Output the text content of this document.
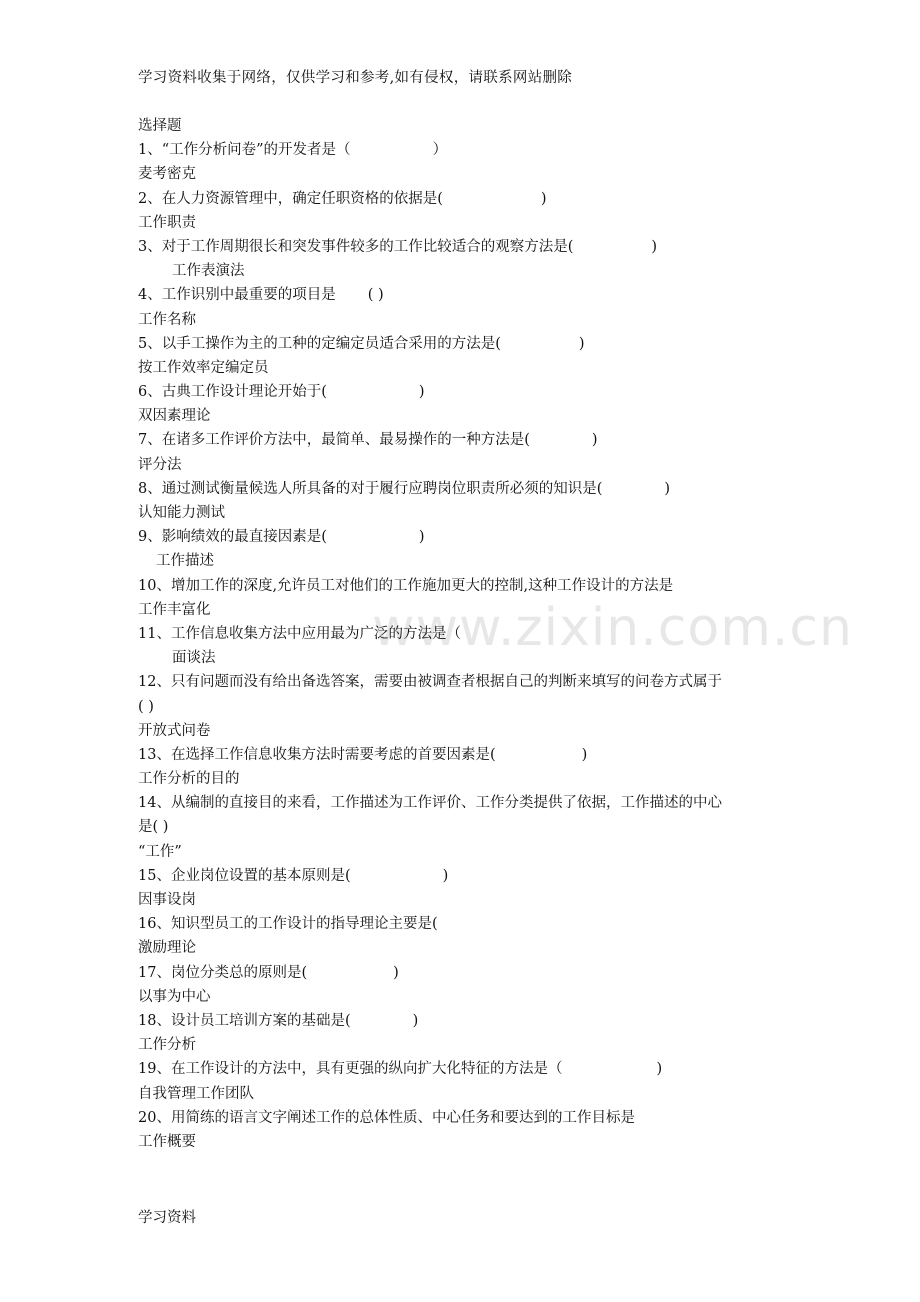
学习资料收集于网络，仅供学习和参考,如有侵权，请联系网站删除
www.zixin.com.cn
选择题
1、“工作分析问卷”的开发者是（	）
麦考密克
2、在人力资源管理中，确定任职资格的依据是(	)
工作职责
3、对于工作周期很长和突发事件较多的工作比较适合的观察方法是(	)
工作表演法
4、工作识别中最重要的项目是 ( )
工作名称
5、以手工操作为主的工种的定编定员适合采用的方法是(	)
按工作效率定编定员
6、古典工作设计理论开始于(	)
双因素理论
7、在诸多工作评价方法中，最简单、最易操作的一种方法是(	)
评分法
8、通过测试衡量候选人所具备的对于履行应聘岗位职责所必须的知识是(	)
认知能力测试
9、影响绩效的最直接因素是(	)
工作描述
10、增加工作的深度,允许员工对他们的工作施加更大的控制,这种工作设计的方法是
工作丰富化
11、工作信息收集方法中应用最为广泛的方法是（
面谈法
12、只有问题而没有给出备选答案，需要由被调查者根据自己的判断来填写的问卷方式属于
( )
开放式问卷
13、在选择工作信息收集方法时需要考虑的首要因素是(	)
工作分析的目的
14、从编制的直接目的来看，工作描述为工作评价、工作分类提供了依据，工作描述的中心
是( )
“工作”
15、企业岗位设置的基本原则是(	)
因事设岗
16、知识型员工的工作设计的指导理论主要是(
激励理论
17、岗位分类总的原则是(	)
以事为中心
18、设计员工培训方案的基础是(	)
工作分析
19、在工作设计的方法中，具有更强的纵向扩大化特征的方法是（	)
自我管理工作团队
20、用简练的语言文字阐述工作的总体性质、中心任务和要达到的工作目标是
工作概要
学习资料
